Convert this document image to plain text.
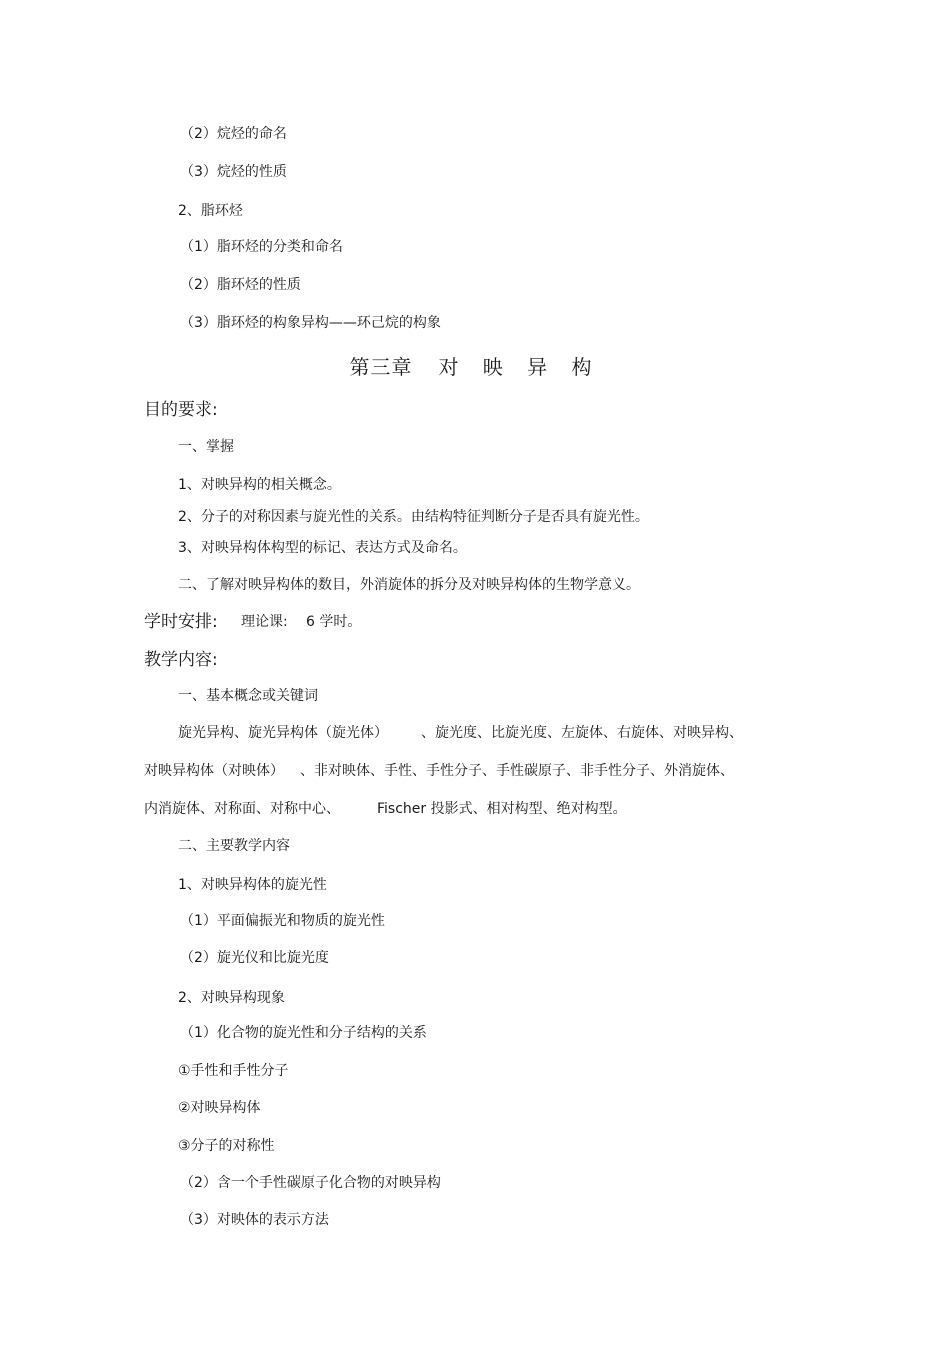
（2）烷烃的命名
（3）烷烃的性质
2、脂环烃
（1）脂环烃的分类和命名
（2）脂环烃的性质
（3）脂环烃的构象异构——环己烷的构象
第三章 对 映 异 构
目的要求:
一、掌握
1、对映异构的相关概念。
2、分子的对称因素与旋光性的关系。由结构特征判断分子是否具有旋光性。
3、对映异构体构型的标记、表达方式及命名。
二、了解对映异构体的数目，外消旋体的拆分及对映异构体的生物学意义。
学时安排: 理论课: 6 学时。
教学内容:
一、基本概念或关键词
旋光异构、旋光异构体（旋光体） 、旋光度、比旋光度、左旋体、右旋体、对映异构、
对映异构体（对映体） 、非对映体、手性、手性分子、手性碳原子、非手性分子、外消旋体、
内消旋体、对称面、对称中心、	Fischer 投影式、相对构型、绝对构型。
二、主要教学内容
1、对映异构体的旋光性
（1）平面偏振光和物质的旋光性
（2）旋光仪和比旋光度
2、对映异构现象
（1）化合物的旋光性和分子结构的关系
①手性和手性分子
②对映异构体
③分子的对称性
（2）含一个手性碳原子化合物的对映异构
（3）对映体的表示方法
